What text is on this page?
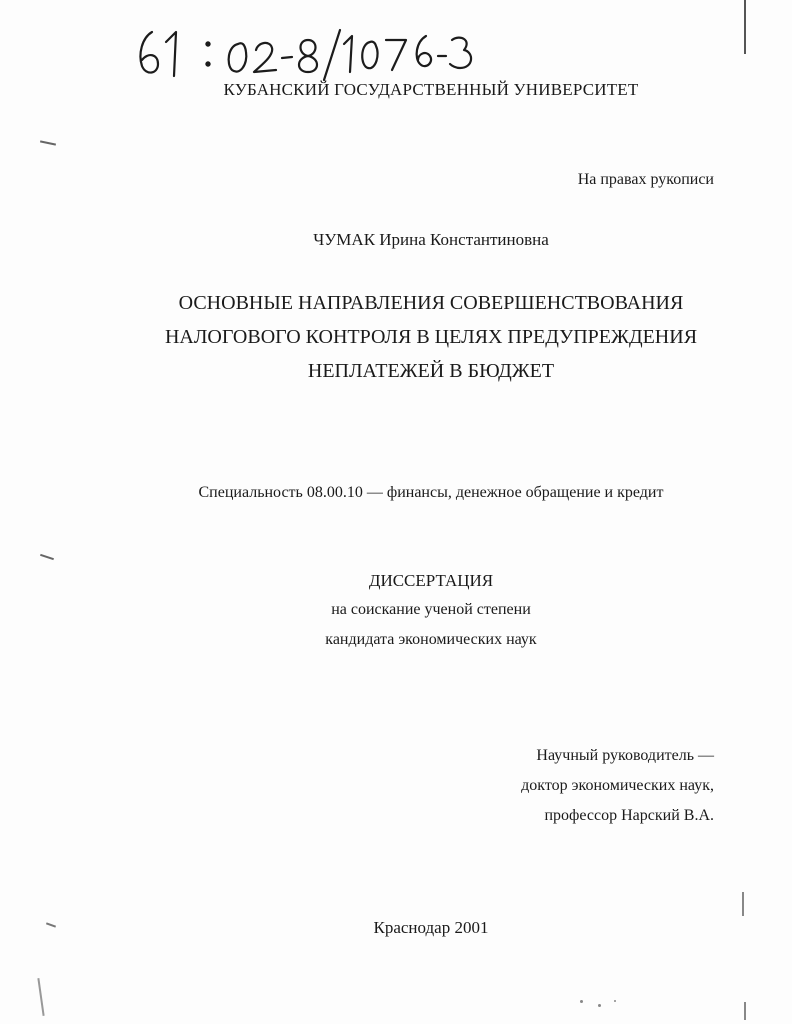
КУБАНСКИЙ ГОСУДАРСТВЕННЫЙ УНИВЕРСИТЕТ
На правах рукописи
ЧУМАК Ирина Константиновна
ОСНОВНЫЕ НАПРАВЛЕНИЯ СОВЕРШЕНСТВОВАНИЯ
НАЛОГОВОГО КОНТРОЛЯ В ЦЕЛЯХ ПРЕДУПРЕЖДЕНИЯ
НЕПЛАТЕЖЕЙ В БЮДЖЕТ
Специальность 08.00.10 — финансы, денежное обращение и кредит
ДИССЕРТАЦИЯ
на соискание ученой степени
кандидата экономических наук
Научный руководитель —
доктор экономических наук,
профессор Нарский В.А.
Краснодар 2001
